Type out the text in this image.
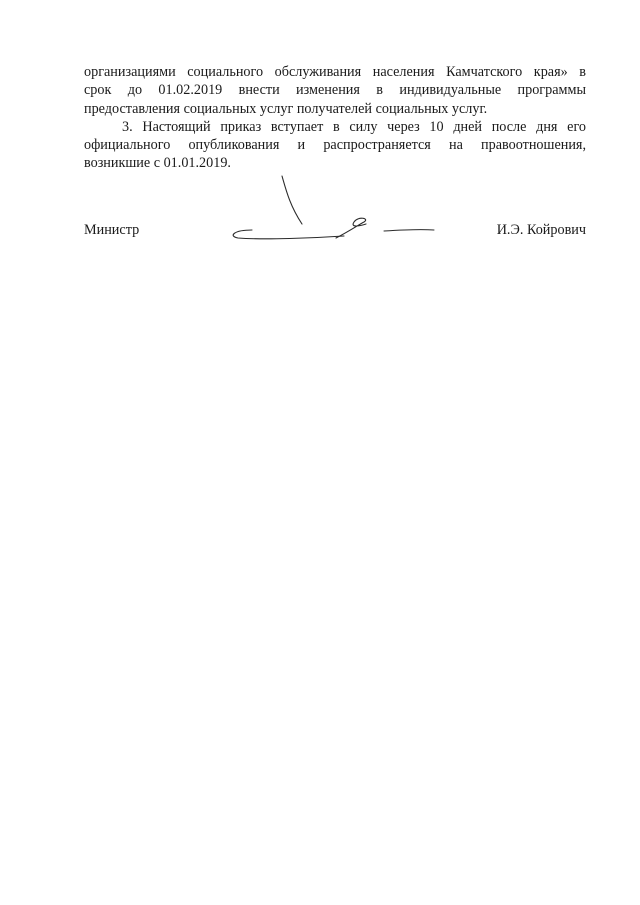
организациями социального обслуживания населения Камчатского края» в
срок до 01.02.2019 внести изменения в индивидуальные программы
предоставления социальных услуг получателей социальных услуг.
3. Настоящий приказ вступает в силу через 10 дней после дня его
официального опубликования и распространяется на правоотношения,
возникшие с 01.01.2019.
Министр	И.Э. Койрович
